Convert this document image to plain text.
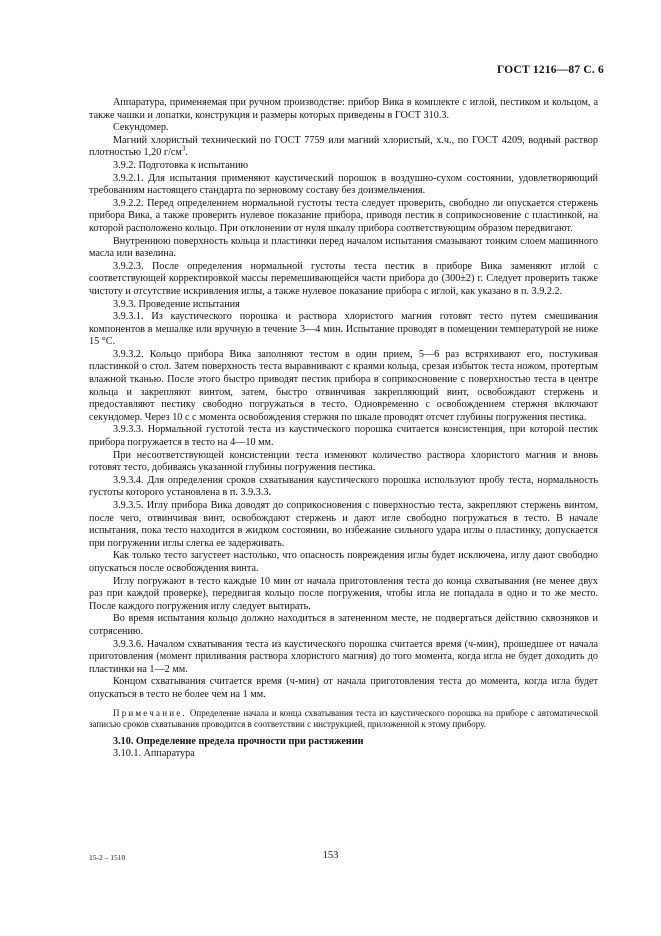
ГОСТ 1216—87 С. 6

Аппаратура, применяемая при ручном производстве: прибор Вика в комплекте с иглой, пестиком и кольцом, а также чашки и лопатки, конструкция и размеры которых приведены в ГОСТ 310.3.

Секундомер.

Магний хлористый технический по ГОСТ 7759 или магний хлористый, х.ч., по ГОСТ 4209, водный раствор плотностью 1,20 $г/см^3$.

3.9.2. Подготовка к испытанию

3.9.2.1. Для испытания применяют каустический порошок в воздушно-сухом состоянии, удовлетворяющий требованиям настоящего стандарта по зерновому составу без доизмельчения.

3.9.2.2. Перед определением нормальной густоты теста следует проверить, свободно ли опускается стержень прибора Вика, а также проверить нулевое показание прибора, приводя пестик в соприкосновение с пластинкой, на которой расположено кольцо. При отклонении от нуля шкалу прибора соответствующим образом передвигают.

Внутреннюю поверхность кольца и пластинки перед началом испытания смазывают тонким слоем машинного масла или вазелина.

3.9.2.3. После определения нормальной густоты теста пестик в приборе Вика заменяют иглой с соответствующей корректировкой массы перемешивающейся части прибора до (300±2) г. Следует проверить также чистоту и отсутствие искривления иглы, а также нулевое показание прибора с иглой, как указано в п. 3.9.2.2.

3.9.3. Проведение испытания

3.9.3.1. Из каустического порошка и раствора хлористого магния готовят тесто путем смешивания компонентов в мешалке или вручную в течение 3—4 мин. Испытание проводят в помещении температурой не ниже 15 °С.

3.9.3.2. Кольцо прибора Вика заполняют тестом в один прием, 5—6 раз встряхивают его, постукивая пластинкой о стол. Затем поверхность теста выравнивают с краями кольца, срезая избыток теста ножом, протертым влажной тканью. После этого быстро приводят пестик прибора в соприкосновение с поверхностью теста в центре кольца и закрепляют винтом, затем, быстро отвинчивая закрепляющий винт, освобождают стержень и предоставляют пестику свободно погружаться в тесто. Одновременно с освобождением стержня включают секундомер. Через 10 с с момента освобождения стержня по шкале проводят отсчет глубины погружения пестика.

3.9.3.3. Нормальной густотой теста из каустического порошка считается консистенция, при которой пестик прибора погружается в тесто на 4—10 мм.

При несоответствующей консистенции теста изменяют количество раствора хлористого магния и вновь готовят тесто, добиваясь указанной глубины погружения пестика.

3.9.3.4. Для определения сроков схватывания каустического порошка используют пробу теста, нормальность густоты которого установлена в п. 3.9.3.3.

3.9.3.5. Иглу прибора Вика доводят до соприкосновения с поверхностью теста, закрепляют стержень винтом, после чего, отвинчивая винт, освобождают стержень и дают игле свободно погружаться в тесто. В начале испытания, пока тесто находится в жидком состоянии, во избежание сильного удара иглы о пластинку, допускается при погружении иглы слегка ее задерживать.

Как только тесто загустеет настолько, что опасность повреждения иглы будет исключена, иглу дают свободно опускаться после освобождения винта.

Иглу погружают в тесто каждые 10 мин от начала приготовления теста до конца схватывания (не менее двух раз при каждой проверке), передвигая кольцо после погружения, чтобы игла не попадала в одно и то же место. После каждого погружения иглу следует вытирать.

Во время испытания кольцо должно находиться в затененном месте, не подвергаться действию сквозняков и сотрясению.

3.9.3.6. Началом схватывания теста из каустического порошка считается время (ч-мин), прошедшее от начала приготовления (момент приливания раствора хлористого магния) до того момента, когда игла не будет доходить до пластинки на 1—2 мм.

Концом схватывания считается время (ч-мин) от начала приготовления теста до момента, когда игла будет опускаться в тесто не более чем на 1 мм.

Примечание. Определение начала и конца схватывания теста из каустического порошка на приборе с автоматической записью сроков схватывания проводится в соответствии с инструкцией, приложенной к этому прибору.

3.10. Определение предела прочности при растяжении

3.10.1. Аппаратура

15-2 – 1510	153
